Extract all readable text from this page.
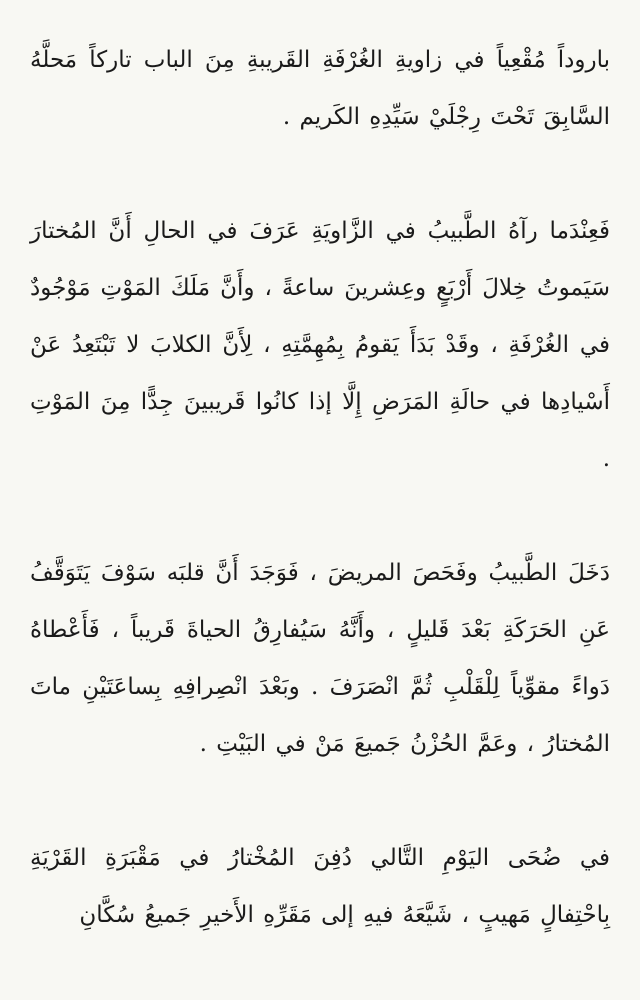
باروداً مُقْعِياً في زاويةِ الغُرْفَةِ القَريبةِ مِنَ الباب تاركاً مَحلَّهُ السَّابِقَ تَحْتَ رِجْلَيْ سَيِّدِهِ الكَريم .

فَعِنْدَما رآهُ الطَّبيبُ في الزَّاويَةِ عَرَفَ في الحالِ أَنَّ المُختارَ سَيَموتُ خِلالَ أَرْبَعٍ وعِشرينَ ساعةً ، وأَنَّ مَلَكَ المَوْتِ مَوْجُودٌ في الغُرْفَةِ ، وقَدْ بَدَأَ يَقومُ بِمُهِمَّتِهِ ، لِأَنَّ الكلابَ لا تَبْتَعِدُ عَنْ أَسْيادِها في حالَةِ المَرَضِ إِلَّا إذا كانُوا قَريبينَ جِدًّا مِنَ المَوْتِ .

دَخَلَ الطَّبيبُ وفَحَصَ المريضَ ، فَوَجَدَ أَنَّ قلبَه سَوْفَ يَتَوَقَّفُ عَنِ الحَرَكَةِ بَعْدَ قَليلٍ ، وأَنَّهُ سَيُفارِقُ الحياةَ قَريباً ، فَأَعْطاهُ دَواءً مقوِّياً لِلْقَلْبِ ثُمَّ انْصَرَفَ . وبَعْدَ انْصِرافِهِ بِساعَتَيْنِ ماتَ المُختارُ ، وعَمَّ الحُزْنُ جَميعَ مَنْ في البَيْتِ .

في ضُحَى اليَوْمِ التَّالي دُفِنَ المُخْتارُ في مَقْبَرَةِ القَرْيَةِ بِاحْتِفالٍ مَهيبٍ ، شَيَّعَهُ فيهِ إلى مَقَرِّهِ الأَخيرِ جَميعُ سُكَّانِ
